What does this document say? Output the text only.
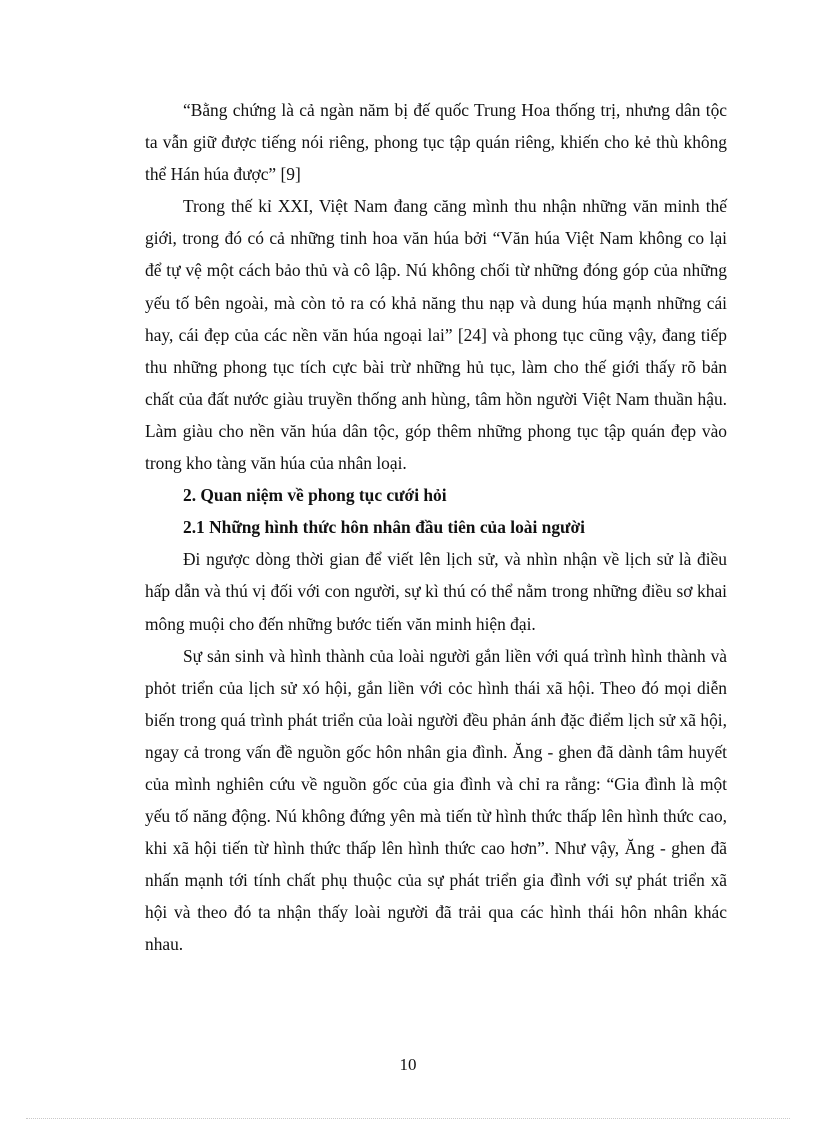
“Bằng chứng là cả ngàn năm bị đế quốc Trung Hoa thống trị, nhưng dân tộc ta vẫn giữ được tiếng nói riêng, phong tục tập quán riêng, khiến cho kẻ thù không thể Hán húa được” [9]

Trong thế kỉ XXI, Việt Nam đang căng mình thu nhận những văn minh thế giới, trong đó có cả những tinh hoa văn húa bởi “Văn húa Việt Nam không co lại để tự vệ một cách bảo thủ và cô lập. Nú không chối từ những đóng góp của những yếu tố bên ngoài, mà còn tỏ ra có khả năng thu nạp và dung húa mạnh những cái hay, cái đẹp của các nền văn húa ngoại lai” [24] và phong tục cũng vậy, đang tiếp thu những phong tục tích cực bài trừ những hủ tục, làm cho thế giới thấy rõ bản chất của đất nước giàu truyền thống anh hùng, tâm hồn người Việt Nam thuần hậu. Làm giàu cho nền văn húa dân tộc, góp thêm những phong tục tập quán đẹp vào trong kho tàng văn húa của nhân loại.

2. Quan niệm về phong tục cưới hỏi

2.1 Những hình thức hôn nhân đầu tiên của loài người

Đi ngược dòng thời gian để viết lên lịch sử, và nhìn nhận về lịch sử là điều hấp dẫn và thú vị đối với con người, sự kì thú có thể nằm trong những điều sơ khai mông muội cho đến những bước tiến văn minh hiện đại.

Sự sản sinh và hình thành của loài người gắn liền với quá trình hình thành và phỏt triển của lịch sử xó hội, gắn liền với cỏc hình thái xã hội. Theo đó mọi diễn biến trong quá trình phát triển của loài người đều phản ánh đặc điểm lịch sử xã hội, ngay cả trong vấn đề nguồn gốc hôn nhân gia đình. Ăng - ghen đã dành tâm huyết của mình nghiên cứu về nguồn gốc của gia đình và chỉ ra rằng: “Gia đình là một yếu tố năng động. Nú không đứng yên mà tiến từ hình thức thấp lên hình thức cao, khi xã hội tiến từ hình thức thấp lên hình thức cao hơn”. Như vậy, Ăng - ghen đã nhấn mạnh tới tính chất phụ thuộc của sự phát triển gia đình với sự phát triển xã hội và theo đó ta nhận thấy loài người đã trải qua các hình thái hôn nhân khác nhau.

10
